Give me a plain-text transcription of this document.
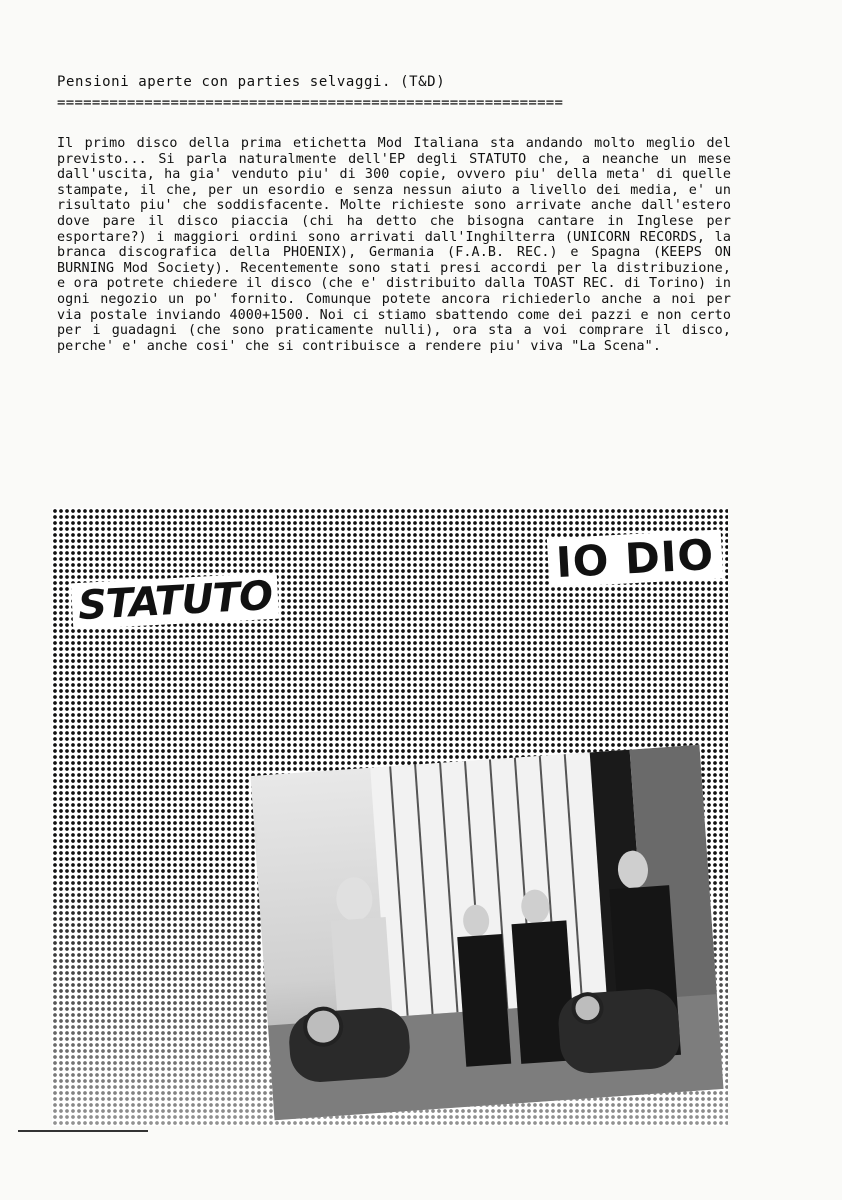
Pensioni aperte con parties selvaggi. (T&D)
==========================================================
Il primo disco della prima etichetta Mod Italiana sta andando molto meglio del previsto... Si parla naturalmente dell'EP degli STATUTO che, a neanche un mese dall'uscita, ha gia' venduto piu' di 300 copie, ovvero piu' della meta' di quelle stampate, il che, per un esordio e senza nessun aiuto a livello dei media, e' un risultato piu' che soddisfacente. Molte richieste sono arrivate anche dall'estero dove pare il disco piaccia (chi ha detto che bisogna cantare in Inglese per esportare?) i maggiori ordini sono arrivati dall'Inghilterra (UNICORN RECORDS, la branca discografica della PHOENIX), Germania (F.A.B. REC.) e Spagna (KEEPS ON BURNING Mod Society). Recentemente sono stati presi accordi per la distribuzione, e ora potrete chiedere il disco (che e' distribuito dalla TOAST REC. di Torino) in ogni negozio un po' fornito. Comunque potete ancora richiederlo anche a noi per via postale inviando 4000+1500. Noi ci stiamo sbattendo come dei pazzi e non certo per i guadagni (che sono praticamente nulli), ora sta a voi comprare il disco, perche' e' anche cosi' che si contribuisce a rendere piu' viva "La Scena".
IO DIO
STATUTO
